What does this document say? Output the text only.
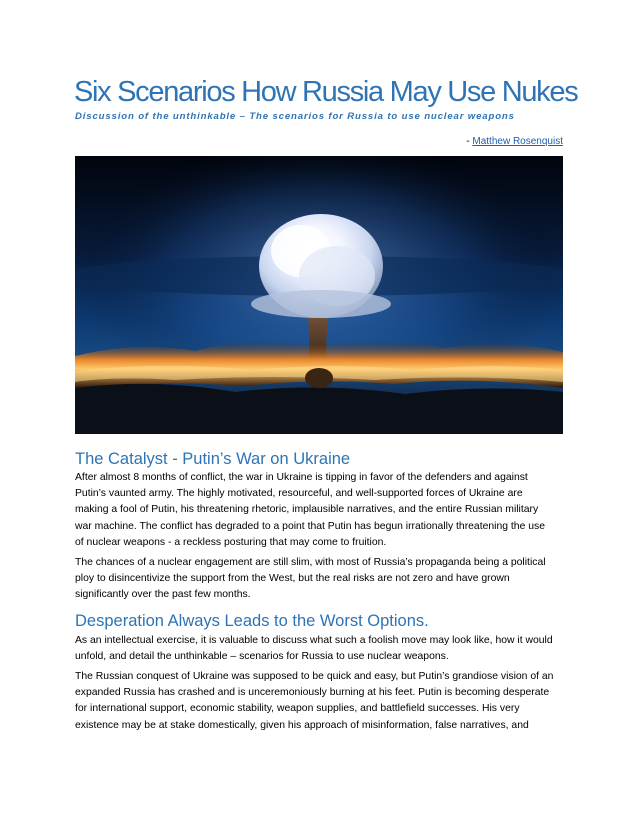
Six Scenarios How Russia May Use Nukes
Discussion of the unthinkable – The scenarios for Russia to use nuclear weapons
- Matthew Rosenquist
The Catalyst - Putin’s War on Ukraine
After almost 8 months of conflict, the war in Ukraine is tipping in favor of the defenders and against
Putin’s vaunted army. The highly motivated, resourceful, and well-supported forces of Ukraine are
making a fool of Putin, his threatening rhetoric, implausible narratives, and the entire Russian military
war machine. The conflict has degraded to a point that Putin has begun irrationally threatening the use
of nuclear weapons - a reckless posturing that may come to fruition.
The chances of a nuclear engagement are still slim, with most of Russia’s propaganda being a political
ploy to disincentivize the support from the West, but the real risks are not zero and have grown
significantly over the past few months.
Desperation Always Leads to the Worst Options.
As an intellectual exercise, it is valuable to discuss what such a foolish move may look like, how it would
unfold, and detail the unthinkable – scenarios for Russia to use nuclear weapons.
The Russian conquest of Ukraine was supposed to be quick and easy, but Putin’s grandiose vision of an
expanded Russia has crashed and is unceremoniously burning at his feet. Putin is becoming desperate
for international support, economic stability, weapon supplies, and battlefield successes. His very
existence may be at stake domestically, given his approach of misinformation, false narratives, and
